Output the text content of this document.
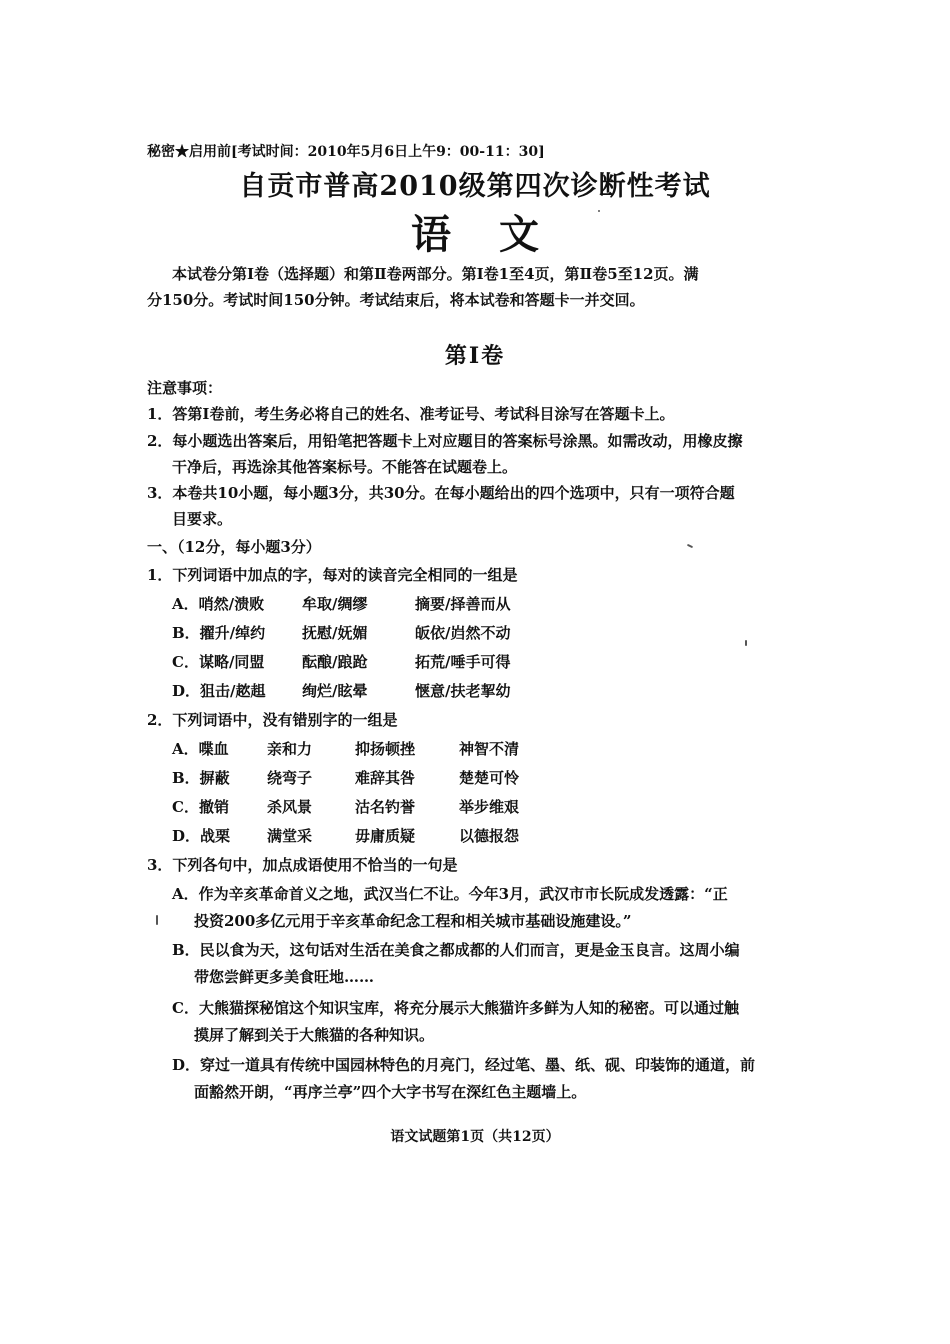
秘密★启用前[考试时间：2010年5月6日上午9：00-11：30]
自贡市普高2010级第四次诊断性考试
语文
本试卷分第Ⅰ卷（选择题）和第Ⅱ卷两部分。第Ⅰ卷1至4页，第Ⅱ卷5至12页。满
分150分。考试时间150分钟。考试结束后，将本试卷和答题卡一并交回。
第Ⅰ卷
注意事项：
1．答第Ⅰ卷前，考生务必将自己的姓名、准考证号、考试科目涂写在答题卡上。
2．每小题选出答案后，用铅笔把答题卡上对应题目的答案标号涂黑。如需改动，用橡皮擦
干净后，再选涂其他答案标号。不能答在试题卷上。
3．本卷共10小题，每小题3分，共30分。在每小题给出的四个选项中，只有一项符合题
目要求。
一、（12分，每小题3分）
1．下列词语中加点的字，每对的读音完全相同的一组是
A．哨然/溃败	牟取/绸缪	摘要/择善而从
B．擢升/绰约 抚慰/妩媚	皈依/岿然不动
C．谋略/同盟	酝酿/踉跄	拓荒/唾手可得
D．狙击/趑趄 绚烂/眩晕	惬意/扶老挈幼
2．下列词语中，没有错别字的一组是
A．喋血	亲和力	抑扬顿挫	神智不清
B．摒蔽 绕弯子	难辞其咎	楚楚可怜
C．撤销	杀风景	沽名钓誉	举步维艰
D．战栗 满堂采	毋庸质疑	以德报怨
3．下列各句中，加点成语使用不恰当的一句是
A．作为辛亥革命首义之地，武汉当仁不让。今年3月，武汉市市长阮成发透露：“正
投资200多亿元用于辛亥革命纪念工程和相关城市基础设施建设。”
B．民以食为天，这句话对生活在美食之都成都的人们而言，更是金玉良言。这周小编
带您尝鲜更多美食旺地……
C．大熊猫探秘馆这个知识宝库，将充分展示大熊猫许多鲜为人知的秘密。可以通过触
摸屏了解到关于大熊猫的各种知识。
D．穿过一道具有传统中国园林特色的月亮门，经过笔、墨、纸、砚、印装饰的通道，前
面豁然开朗，“再序兰亭”四个大字书写在深红色主题墙上。
语文试题第1页（共12页）
